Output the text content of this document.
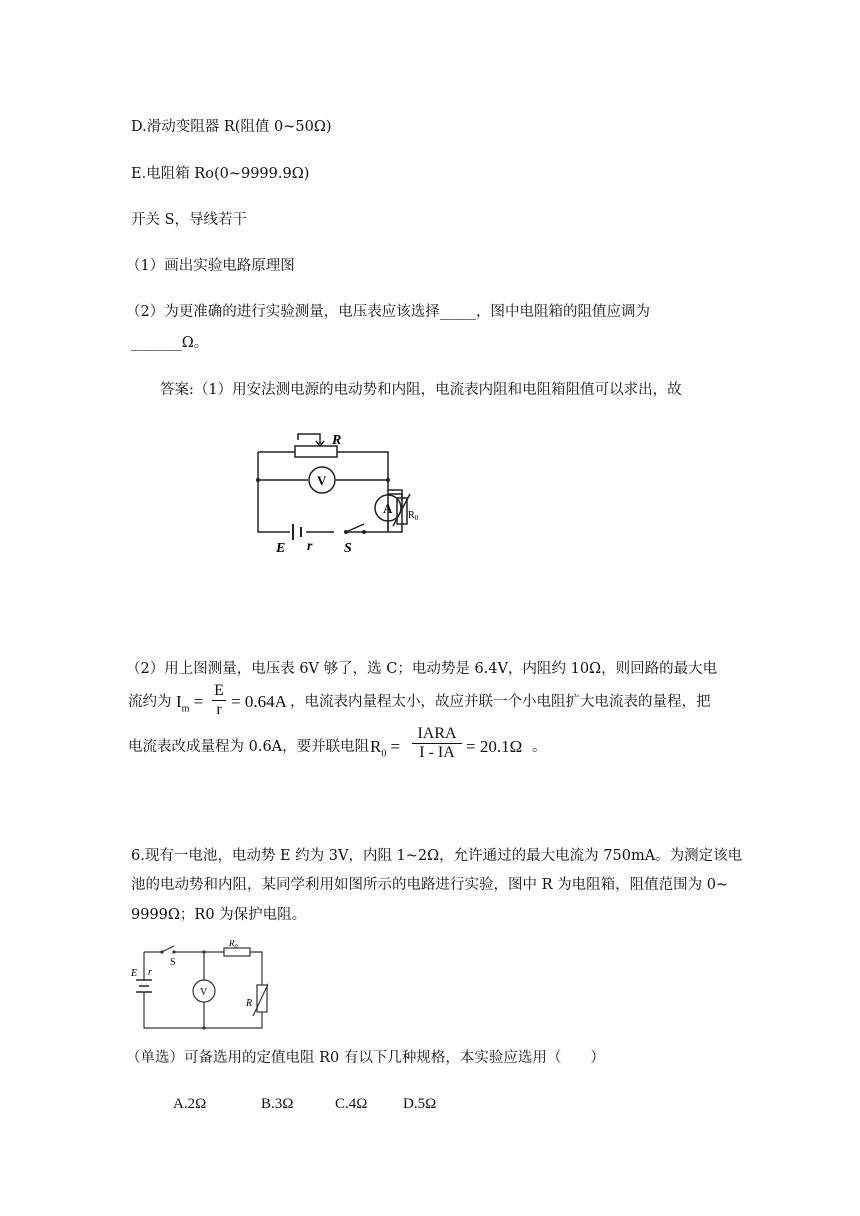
D.滑动变阻器 R(阻值 0~50Ω)
E.电阻箱 Ro(0~9999.9Ω)
开关 S，导线若干
（1）画出实验电路原理图
（2）为更准确的进行实验测量，电压表应该选择_____，图中电阻箱的阻值应调为
_______Ω。
答案:（1）用安法测电源的电动势和内阻，电流表内阻和电阻箱阻值可以求出，故
R
V
A $R_0$
E r S
（2）用上图测量，电压表 6V 够了，选 C；电动势是 6.4V，内阻约 10Ω，则回路的最大电
流约为 $I_m = \frac{E}{r} = 0.64A$ ，电流表内量程太小，故应并联一个小电阻扩大电流表的量程，把
电流表改成量程为 0.6A，要并联电阻 $R_0$ =
IARA
I - IA = 20.1Ω 。
6.现有一电池，电动势 E 约为 3V，内阻 1~2Ω，允许通过的最大电流为 750mA。为测定该电
池的电动势和内阻，某同学利用如图所示的电路进行实验，图中 R 为电阻箱，阻值范围为 0~
9999Ω；R0 为保护电阻。
E r
S
$R_0$
V
R
（单选）可备选用的定值电阻 R0 有以下几种规格，本实验应选用（　　）
A.2Ω	B.3Ω	C.4Ω D.5Ω
